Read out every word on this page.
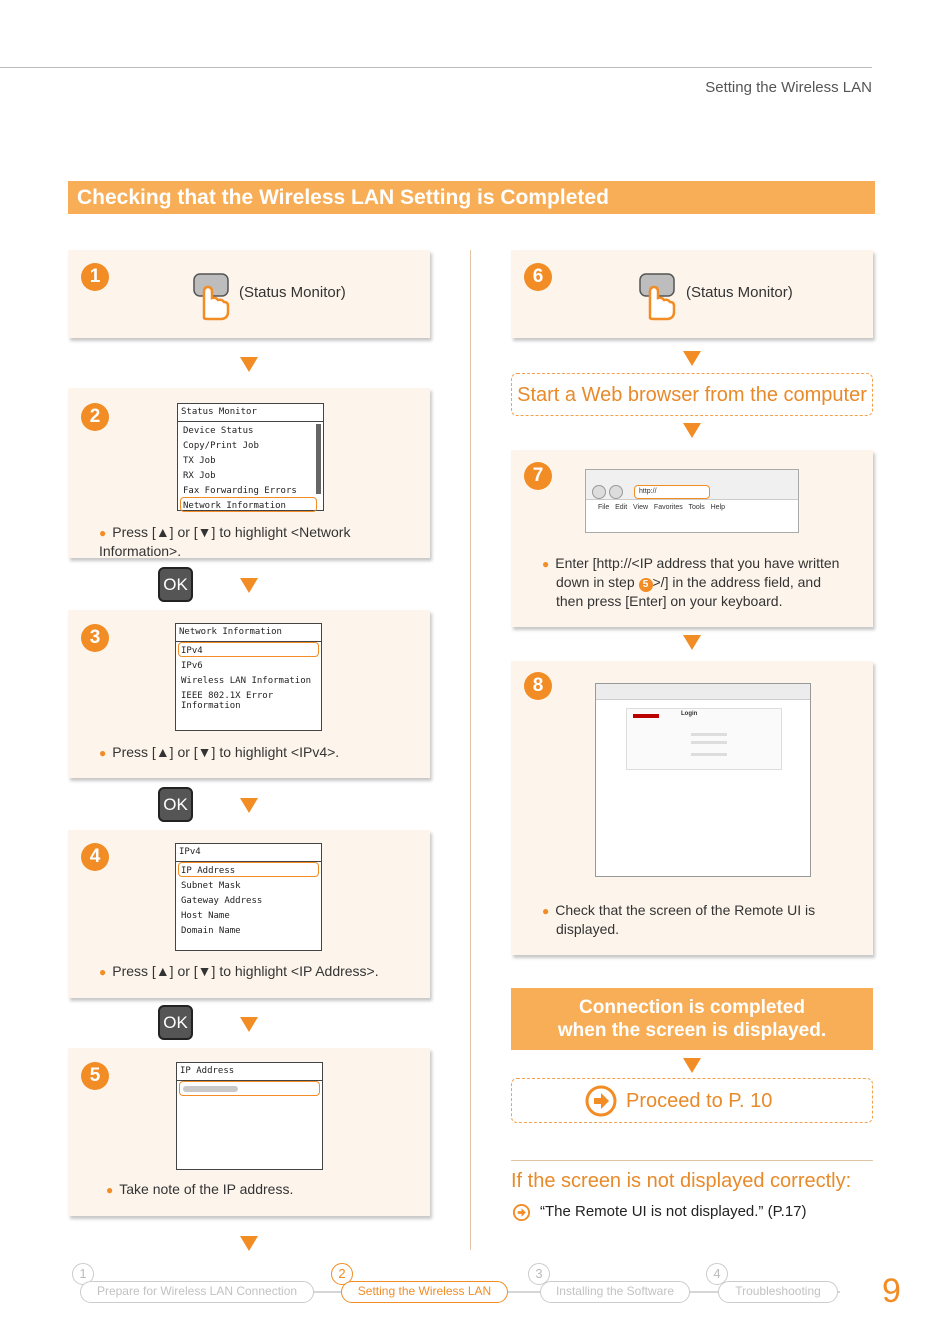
Setting the Wireless LAN
Checking that the Wireless LAN Setting is Completed
1
(Status Monitor)
2	Status Monitor
Device Status
Copy/Print Job
TX Job
RX Job
Fax Forwarding Errors
Network Information
● Press [▲] or [▼] to highlight <Network Information>.
OK
3	Network Information
IPv4
IPv6
Wireless LAN Information
IEEE 802.1X Error Information
● Press [▲] or [▼] to highlight <IPv4>.
OK
4	IPv4
IP Address
Subnet Mask
Gateway Address
Host Name
Domain Name
● Press [▲] or [▼] to highlight <IP Address>.
OK
5	IP Address
● Take note of the IP address.
6
(Status Monitor)
Start a Web browser from the computer
7
http://
File Edit View Favorites Tools Help
● Enter [http://<IP address that you have written
down in step 5 >/] in the address field, and
then press [Enter] on your keyboard.
8
Login
● Check that the screen of the Remote UI is
displayed.
Connection is completed
when the screen is displayed.
Proceed to P. 10
If the screen is not displayed correctly:
“The Remote UI is not displayed.” (P.17)
1
Prepare for Wireless LAN Connection
2
Setting the Wireless LAN
3
Installing the Software
4
Troubleshooting	9
